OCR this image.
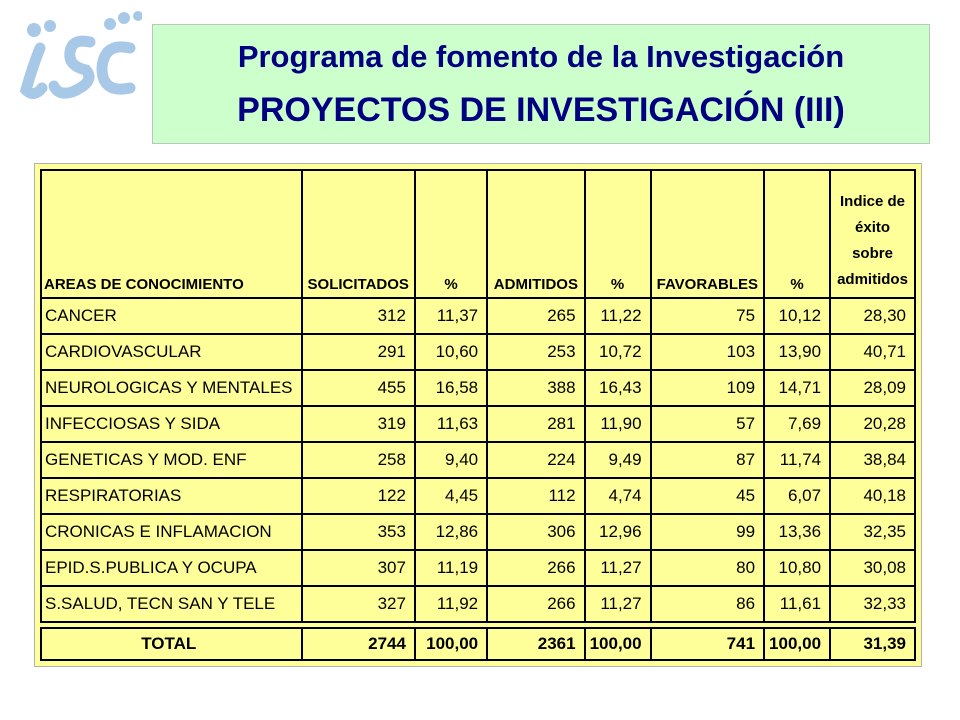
Programa de fomento de la Investigación
PROYECTOS DE INVESTIGACIÓN (III)
AREAS DE CONOCIMIENTO	SOLICITADOS	%	ADMITIDOS	%	FAVORABLES	%	Indice de éxito sobre admitidos
CANCER	312	11,37	265	11,22	75	10,12	28,30
CARDIOVASCULAR	291	10,60	253	10,72	103	13,90	40,71
NEUROLOGICAS Y MENTALES	455	16,58	388	16,43	109	14,71	28,09
INFECCIOSAS Y SIDA	319	11,63	281	11,90	57	7,69	20,28
GENETICAS Y MOD. ENF	258	9,40	224	9,49	87	11,74	38,84
RESPIRATORIAS	122	4,45	112	4,74	45	6,07	40,18
CRONICAS E INFLAMACION	353	12,86	306	12,96	99	13,36	32,35
EPID.S.PUBLICA Y OCUPA	307	11,19	266	11,27	80	10,80	30,08
S.SALUD, TECN SAN Y TELE	327	11,92	266	11,27	86	11,61	32,33

TOTAL	2744	100,00	2361	100,00	741	100,00	31,39
